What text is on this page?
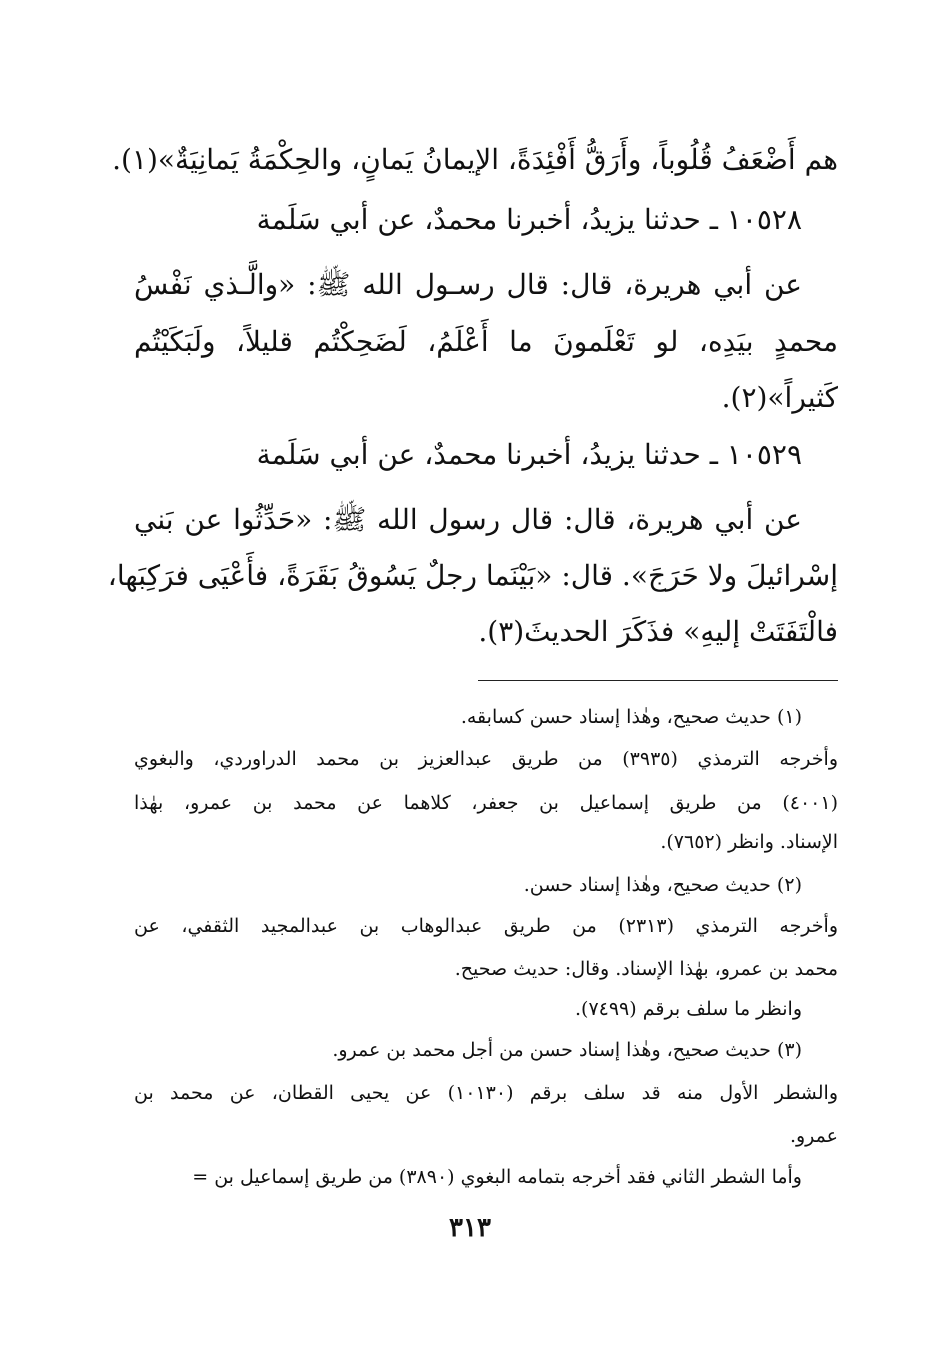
هم أَضْعَفُ قُلُوباً، وأَرَقُّ أَفْئِدَةً، الإيمانُ يَمانٍ، والحِكْمَةُ يَمانِيَةٌ»(١).
١٠٥٢٨ ـ حدثنا يزيدُ، أخبرنا محمدٌ، عن أبي سَلَمة
عن أبي هريرة، قال: قال رسـول الله ﷺ: «والَّـذي نَفْسُ
محمدٍ بيَدِه، لو تَعْلَمونَ ما أَعْلَمُ، لَضَحِكْتُم قليلاً، ولَبَكَيْتُم
كَثيراً»(٢).
١٠٥٢٩ ـ حدثنا يزيدُ، أخبرنا محمدٌ، عن أبي سَلَمة
عن أبي هريرة، قال: قال رسول الله ﷺ: «حَدِّثُوا عن بَني
إسْرائيلَ ولا حَرَجَ». قال: «بَيْنَما رجلٌ يَسُوقُ بَقَرَةً، فأَعْيَى فرَكِبَها،
فالْتَفَتَتْ إليهِ» فذَكَرَ الحديثَ(٣).
(١) حديث صحيح، وهٰذا إسناد حسن كسابقه.
وأخرجه الترمذي (٣٩٣٥) من طريق عبدالعزيز بن محمد الدراوردي، والبغوي
(٤٠٠١) من طريق إسماعيل بن جعفر، كلاهما عن محمد بن عمرو، بهٰذا
الإسناد. وانظر (٧٦٥٢).
(٢) حديث صحيح، وهٰذا إسناد حسن.
وأخرجه الترمذي (٢٣١٣) من طريق عبدالوهاب بن عبدالمجيد الثقفي، عن
محمد بن عمرو، بهٰذا الإسناد. وقال: حديث صحيح.
وانظر ما سلف برقم (٧٤٩٩).
(٣) حديث صحيح، وهٰذا إسناد حسن من أجل محمد بن عمرو.
والشطر الأول منه قد سلف برقم (١٠١٣٠) عن يحيى القطان، عن محمد بن
عمرو.
وأما الشطر الثاني فقد أخرجه بتمامه البغوي (٣٨٩٠) من طريق إسماعيل بن =
٣١٣
